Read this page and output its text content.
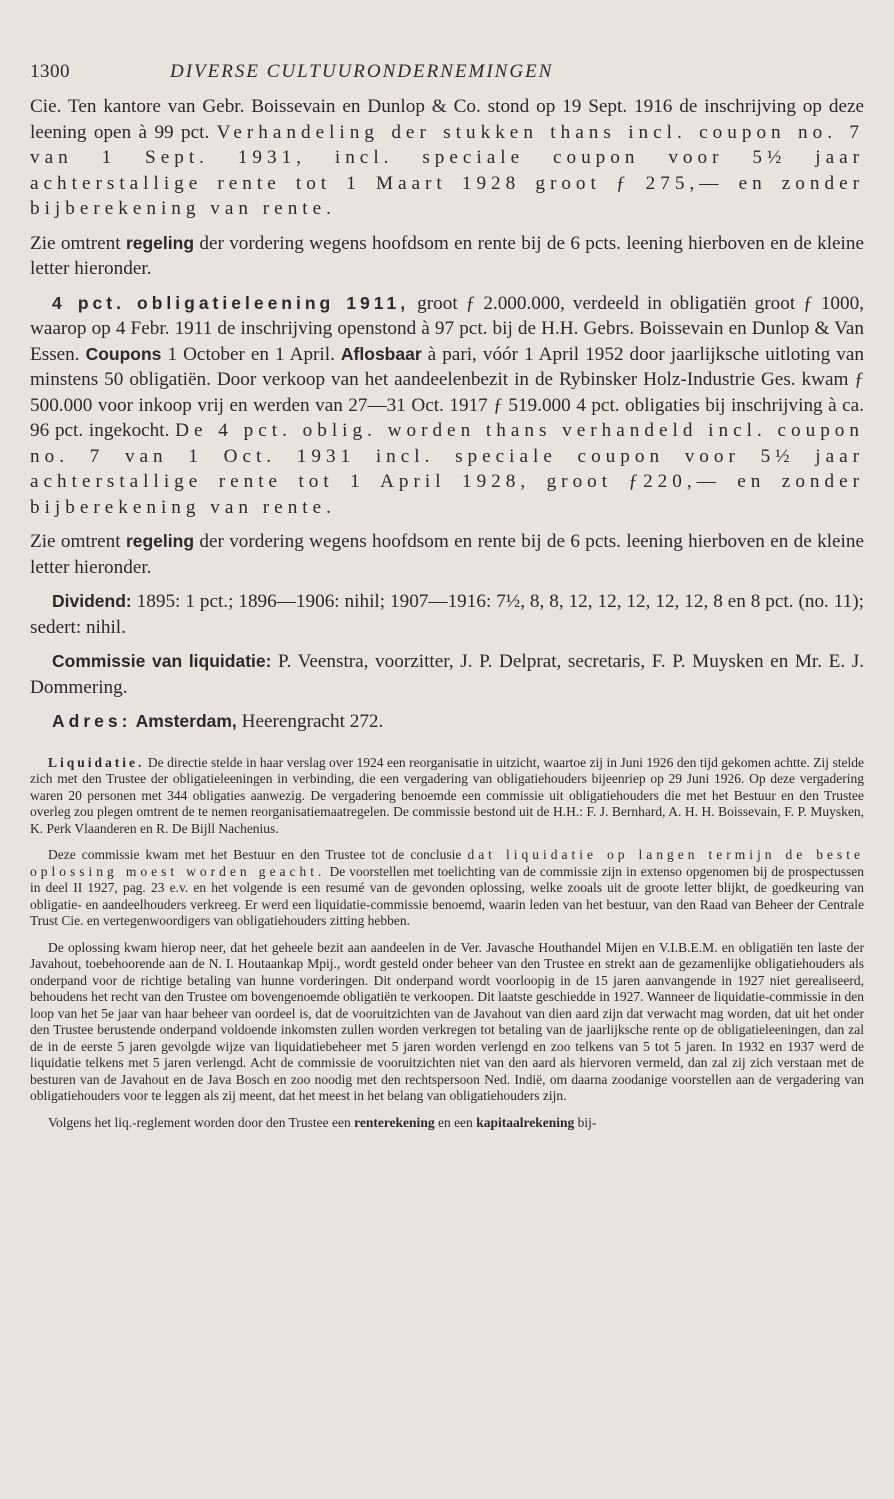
1300	DIVERSE CULTUURONDERNEMINGEN

Cie. Ten kantore van Gebr. Boissevain en Dunlop & Co. stond op 19 Sept. 1916 de inschrijving op deze leening open à 99 pct. Verhandeling der stukken thans incl. coupon no. 7 van 1 Sept. 1931, incl. speciale coupon voor 5½ jaar achterstallige rente tot 1 Maart 1928 groot ƒ 275,— en zonder bijberekening van rente.

Zie omtrent regeling der vordering wegens hoofdsom en rente bij de 6 pcts. leening hierboven en de kleine letter hieronder.

4 pct. obligatieleening 1911, groot ƒ 2.000.000, verdeeld in obligatiën groot ƒ 1000, waarop op 4 Febr. 1911 de inschrijving openstond à 97 pct. bij de H.H. Gebrs. Boissevain en Dunlop & Van Essen. Coupons 1 October en 1 April. Aflosbaar à pari, vóór 1 April 1952 door jaarlijksche uitloting van minstens 50 obligatiën. Door verkoop van het aandeelenbezit in de Rybinsker Holz-Industrie Ges. kwam ƒ 500.000 voor inkoop vrij en werden van 27—31 Oct. 1917 ƒ 519.000 4 pct. obligaties bij inschrijving à ca. 96 pct. ingekocht. De 4 pct. oblig. worden thans verhandeld incl. coupon no. 7 van 1 Oct. 1931 incl. speciale coupon voor 5½ jaar achterstallige rente tot 1 April 1928, groot ƒ220,— en zonder bijberekening van rente.

Zie omtrent regeling der vordering wegens hoofdsom en rente bij de 6 pcts. leening hierboven en de kleine letter hieronder.

Dividend: 1895: 1 pct.; 1896—1906: nihil; 1907—1916: 7½, 8, 8, 12, 12, 12, 12, 12, 8 en 8 pct. (no. 11); sedert: nihil.

Commissie van liquidatie: P. Veenstra, voorzitter, J. P. Delprat, secretaris, F. P. Muysken en Mr. E. J. Dommering.

Adres: Amsterdam, Heerengracht 272.

Liquidatie. De directie stelde in haar verslag over 1924 een reorganisatie in uitzicht, waartoe zij in Juni 1926 den tijd gekomen achtte. Zij stelde zich met den Trustee der obligatieleeningen in verbinding, die een vergadering van obligatiehouders bijeenriep op 29 Juni 1926. Op deze vergadering waren 20 personen met 344 obligaties aanwezig. De vergadering benoemde een commissie uit obligatiehouders die met het Bestuur en den Trustee overleg zou plegen omtrent de te nemen reorganisatiemaatregelen. De commissie bestond uit de H.H.: F. J. Bernhard, A. H. H. Boissevain, F. P. Muysken, K. Perk Vlaanderen en R. De Bijll Nachenius.

Deze commissie kwam met het Bestuur en den Trustee tot de conclusie dat liquidatie op langen termijn de beste oplossing moest worden geacht. De voorstellen met toelichting van de commissie zijn in extenso opgenomen bij de prospectussen in deel II 1927, pag. 23 e.v. en het volgende is een resumé van de gevonden oplossing, welke zooals uit de groote letter blijkt, de goedkeuring van obligatie- en aandeelhouders verkreeg. Er werd een liquidatie-commissie benoemd, waarin leden van het bestuur, van den Raad van Beheer der Centrale Trust Cie. en vertegenwoordigers van obligatiehouders zitting hebben.

De oplossing kwam hierop neer, dat het geheele bezit aan aandeelen in de Ver. Javasche Houthandel Mijen en V.I.B.E.M. en obligatiën ten laste der Javahout, toebehoorende aan de N. I. Houtaankap Mpij., wordt gesteld onder beheer van den Trustee en strekt aan de gezamenlijke obligatiehouders als onderpand voor de richtige betaling van hunne vorderingen. Dit onderpand wordt voorloopig in de 15 jaren aanvangende in 1927 niet gerealiseerd, behoudens het recht van den Trustee om bovengenoemde obligatiën te verkoopen. Dit laatste geschiedde in 1927. Wanneer de liquidatie-commissie in den loop van het 5e jaar van haar beheer van oordeel is, dat de vooruitzichten van de Javahout van dien aard zijn dat verwacht mag worden, dat uit het onder den Trustee berustende onderpand voldoende inkomsten zullen worden verkregen tot betaling van de jaarlijksche rente op de obligatieleeningen, dan zal de in de eerste 5 jaren gevolgde wijze van liquidatiebeheer met 5 jaren worden verlengd en zoo telkens van 5 tot 5 jaren. In 1932 en 1937 werd de liquidatie telkens met 5 jaren verlengd. Acht de commissie de vooruitzichten niet van den aard als hiervoren vermeld, dan zal zij zich verstaan met de besturen van de Javahout en de Java Bosch en zoo noodig met den rechtspersoon Ned. Indië, om daarna zoodanige voorstellen aan de vergadering van obligatiehouders voor te leggen als zij meent, dat het meest in het belang van obligatiehouders zijn.

Volgens het liq.-reglement worden door den Trustee een renterekening en een kapitaalrekening bij-
